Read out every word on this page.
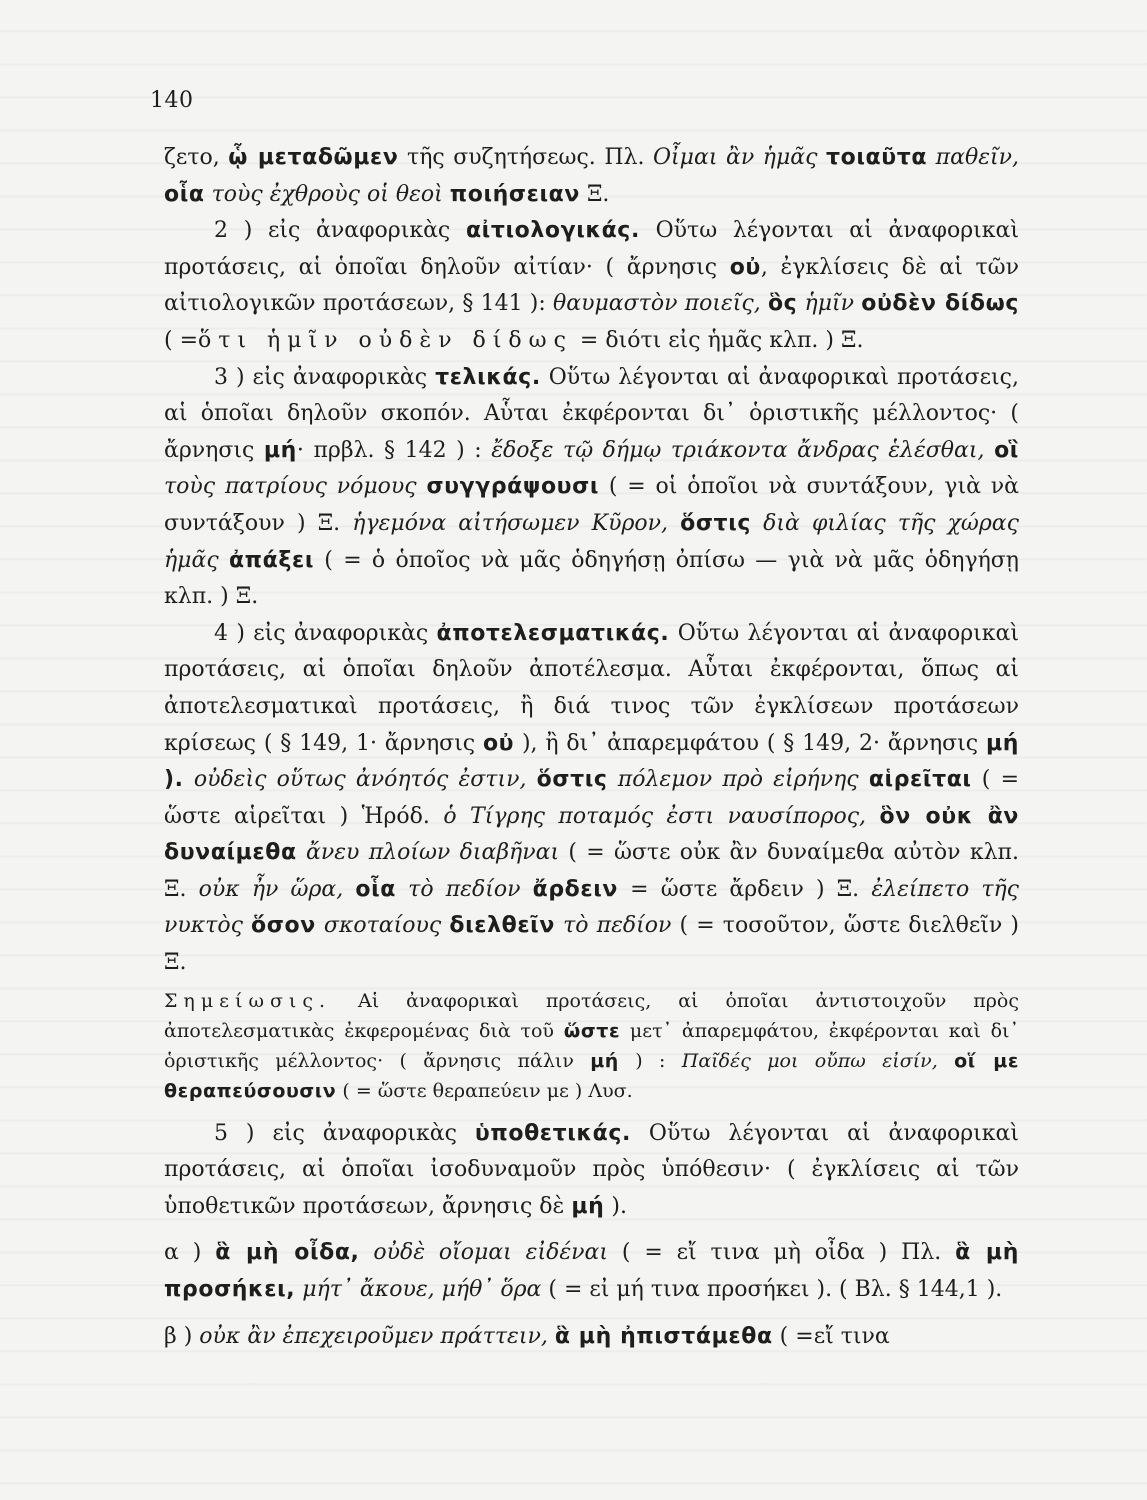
140

ζετο, ᾧ μεταδῶμεν τῆς συζητήσεως. Πλ. Οἶμαι ἂν ἡμᾶς τοιαῦτα παθεῖν, οἷα τοὺς ἐχθροὺς οἱ θεοὶ ποιήσειαν Ξ.

2 ) εἰς ἀναφορικὰς αἰτιολογικάς. Οὕτω λέγονται αἱ ἀναφορικαὶ προτάσεις, αἱ ὁποῖαι δηλοῦν αἰτίαν· ( ἄρνησις οὐ, ἐγκλίσεις δὲ αἱ τῶν αἰτιολογικῶν προτάσεων, § 141 ): θαυμαστὸν ποιεῖς, ὃς ἡμῖν οὐδὲν δίδως ( =ὅτι ἡμῖν οὐδὲν δίδως = διότι εἰς ἡμᾶς κλπ. ) Ξ.

3 ) εἰς ἀναφορικὰς τελικάς. Οὕτω λέγονται αἱ ἀναφορικαὶ προτάσεις, αἱ ὁποῖαι δηλοῦν σκοπόν. Αὗται ἐκφέρονται δι᾽ ὁριστικῆς μέλλοντος· ( ἄρνησις μή· πρβλ. § 142 ) : ἔδοξε τῷ δήμῳ τριάκοντα ἄνδρας ἑλέσθαι, οἳ τοὺς πατρίους νόμους συγγράψουσι ( = οἱ ὁποῖοι νὰ συντάξουν, γιὰ νὰ συντάξουν ) Ξ. ἡγεμόνα αἰτήσωμεν Κῦρον, ὅστις διὰ φιλίας τῆς χώρας ἡμᾶς ἀπάξει ( = ὁ ὁποῖος νὰ μᾶς ὁδηγήσῃ ὀπίσω — γιὰ νὰ μᾶς ὁδηγήσῃ κλπ. ) Ξ.

4 ) εἰς ἀναφορικὰς ἀποτελεσματικάς. Οὕτω λέγονται αἱ ἀναφορικαὶ προτάσεις, αἱ ὁποῖαι δηλοῦν ἀποτέλεσμα. Αὗται ἐκφέρονται, ὅπως αἱ ἀποτελεσματικαὶ προτάσεις, ἢ διά τινος τῶν ἐγκλίσεων προτάσεων κρίσεως ( § 149, 1· ἄρνησις οὐ ), ἢ δι᾽ ἀπαρεμφάτου ( § 149, 2· ἄρνησις μή ). οὐδεὶς οὕτως ἀνόητός ἐστιν, ὅστις πόλεμον πρὸ εἰρήνης αἱρεῖται ( = ὥστε αἱρεῖται ) Ἡρόδ. ὁ Τίγρης ποταμός ἐστι ναυσίπορος, ὃν οὐκ ἂν δυναίμεθα ἄνευ πλοίων διαβῆναι ( = ὥστε οὐκ ἂν δυναίμεθα αὐτὸν κλπ. Ξ. οὐκ ἦν ὥρα, οἷα τὸ πεδίον ἄρδειν = ὥστε ἄρδειν ) Ξ. ἐλείπετο τῆς νυκτὸς ὅσον σκοταίους διελθεῖν τὸ πεδίον ( = τοσοῦτον, ὥστε διελθεῖν ) Ξ.

Σημείωσις. Αἱ ἀναφορικαὶ προτάσεις, αἱ ὁποῖαι ἀντιστοιχοῦν πρὸς ἀποτελεσματικὰς ἐκφερομένας διὰ τοῦ ὥστε μετ᾽ ἀπαρεμφάτου, ἐκφέρονται καὶ δι᾽ ὁριστικῆς μέλλοντος· ( ἄρνησις πάλιν μή ) : Παῖδές μοι οὔπω εἰσίν, οἵ με θεραπεύσουσιν ( = ὥστε θεραπεύειν με ) Λυσ.

5 ) εἰς ἀναφορικὰς ὑποθετικάς. Οὕτω λέγονται αἱ ἀναφορικαὶ προτάσεις, αἱ ὁποῖαι ἰσοδυναμοῦν πρὸς ὑπόθεσιν· ( ἐγκλίσεις αἱ τῶν ὑποθετικῶν προτάσεων, ἄρνησις δὲ μή ).

α ) ἃ μὴ οἶδα, οὐδὲ οἴομαι εἰδέναι ( = εἴ τινα μὴ οἶδα ) Πλ. ἃ μὴ προσήκει, μήτ᾽ ἄκουε, μήθ᾽ ὅρα ( = εἰ μή τινα προσήκει ). ( Βλ. § 144,1 ).

β ) οὐκ ἂν ἐπεχειροῦμεν πράττειν, ἃ μὴ ἠπιστάμεθα ( =εἴ τινα
